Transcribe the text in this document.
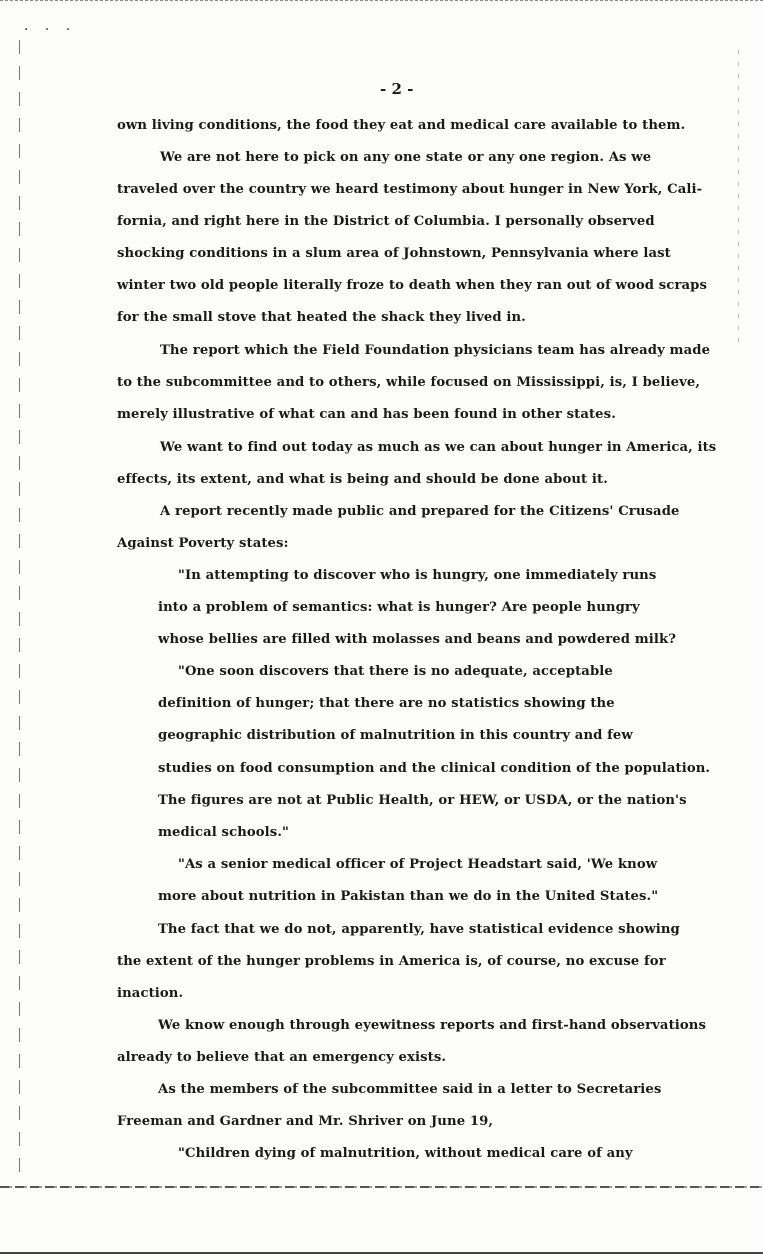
· · ·
- 2 -
own living conditions, the food they eat and medical care available to them.
We are not here to pick on any one state or any one region. As we
traveled over the country we heard testimony about hunger in New York, Cali-
fornia, and right here in the District of Columbia. I personally observed
shocking conditions in a slum area of Johnstown, Pennsylvania where last
winter two old people literally froze to death when they ran out of wood scraps
for the small stove that heated the shack they lived in.
The report which the Field Foundation physicians team has already made
to the subcommittee and to others, while focused on Mississippi, is, I believe,
merely illustrative of what can and has been found in other states.
We want to find out today as much as we can about hunger in America, its
effects, its extent, and what is being and should be done about it.
A report recently made public and prepared for the Citizens' Crusade
Against Poverty states:
"In attempting to discover who is hungry, one immediately runs
into a problem of semantics: what is hunger? Are people hungry
whose bellies are filled with molasses and beans and powdered milk?
"One soon discovers that there is no adequate, acceptable
definition of hunger; that there are no statistics showing the
geographic distribution of malnutrition in this country and few
studies on food consumption and the clinical condition of the population.
The figures are not at Public Health, or HEW, or USDA, or the nation's
medical schools."
"As a senior medical officer of Project Headstart said, 'We know
more about nutrition in Pakistan than we do in the United States."
The fact that we do not, apparently, have statistical evidence showing
the extent of the hunger problems in America is, of course, no excuse for
inaction.
We know enough through eyewitness reports and first-hand observations
already to believe that an emergency exists.
As the members of the subcommittee said in a letter to Secretaries
Freeman and Gardner and Mr. Shriver on June 19,
"Children dying of malnutrition, without medical care of any
